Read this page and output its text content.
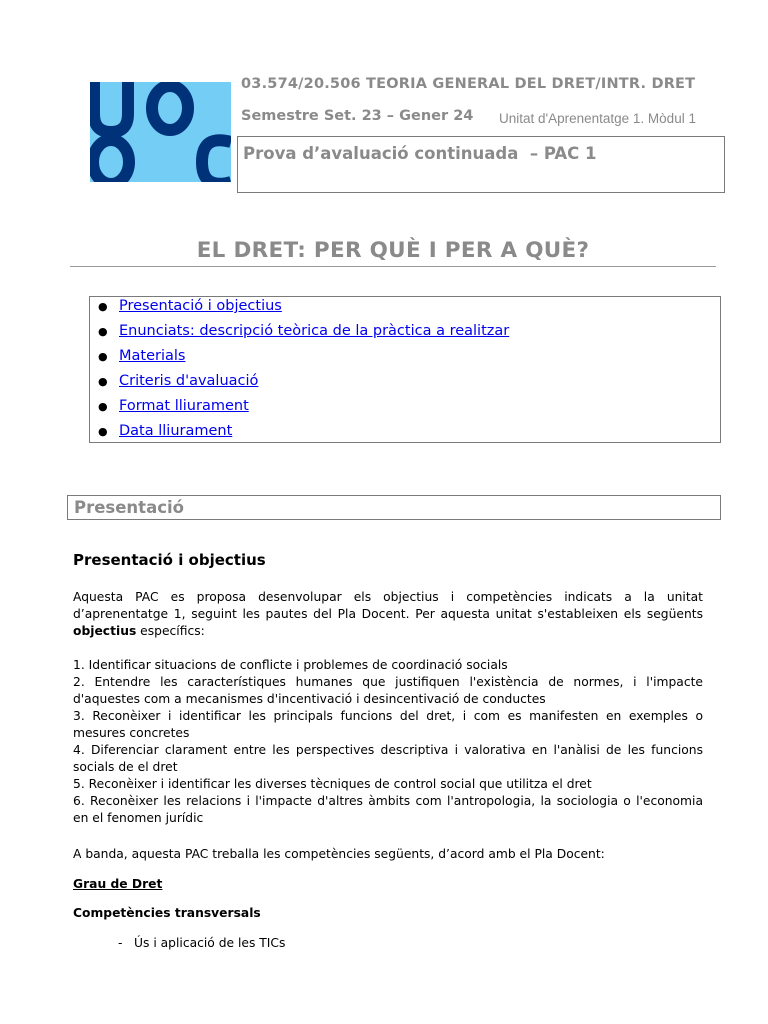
03.574/20.506 TEORIA GENERAL DEL DRET/INTR. DRET
Semestre Set. 23 – Gener 24 Unitat d'Aprenentatge 1. Mòdul 1
Prova d’avaluació continuada  – PAC 1
EL DRET: PER QUÈ I PER A QUÈ?
● Presentació i objectius
● Enunciats: descripció teòrica de la pràctica a realitzar
● Materials
● Criteris d'avaluació
● Format lliurament
● Data lliurament
Presentació
Presentació i objectius
Aquesta PAC es proposa desenvolupar els objectius i competències indicats a la unitat d’aprenentatge 1, seguint les pautes del Pla Docent. Per aquesta unitat s'estableixen els següents objectius específics:
1. Identificar situacions de conflicte i problemes de coordinació socials
2. Entendre les característiques humanes que justifiquen l'existència de normes, i l'impacte d'aquestes com a mecanismes d'incentivació i desincentivació de conductes
3. Reconèixer i identificar les principals funcions del dret, i com es manifesten en exemples o mesures concretes
4. Diferenciar clarament entre les perspectives descriptiva i valorativa en l'anàlisi de les funcions socials de el dret
5. Reconèixer i identificar les diverses tècniques de control social que utilitza el dret
6. Reconèixer les relacions i l'impacte d'altres àmbits com l'antropologia, la sociologia o l'economia en el fenomen jurídic
A banda, aquesta PAC treballa les competències següents, d’acord amb el Pla Docent:
Grau de Dret
Competències transversals
- Ús i aplicació de les TICs
